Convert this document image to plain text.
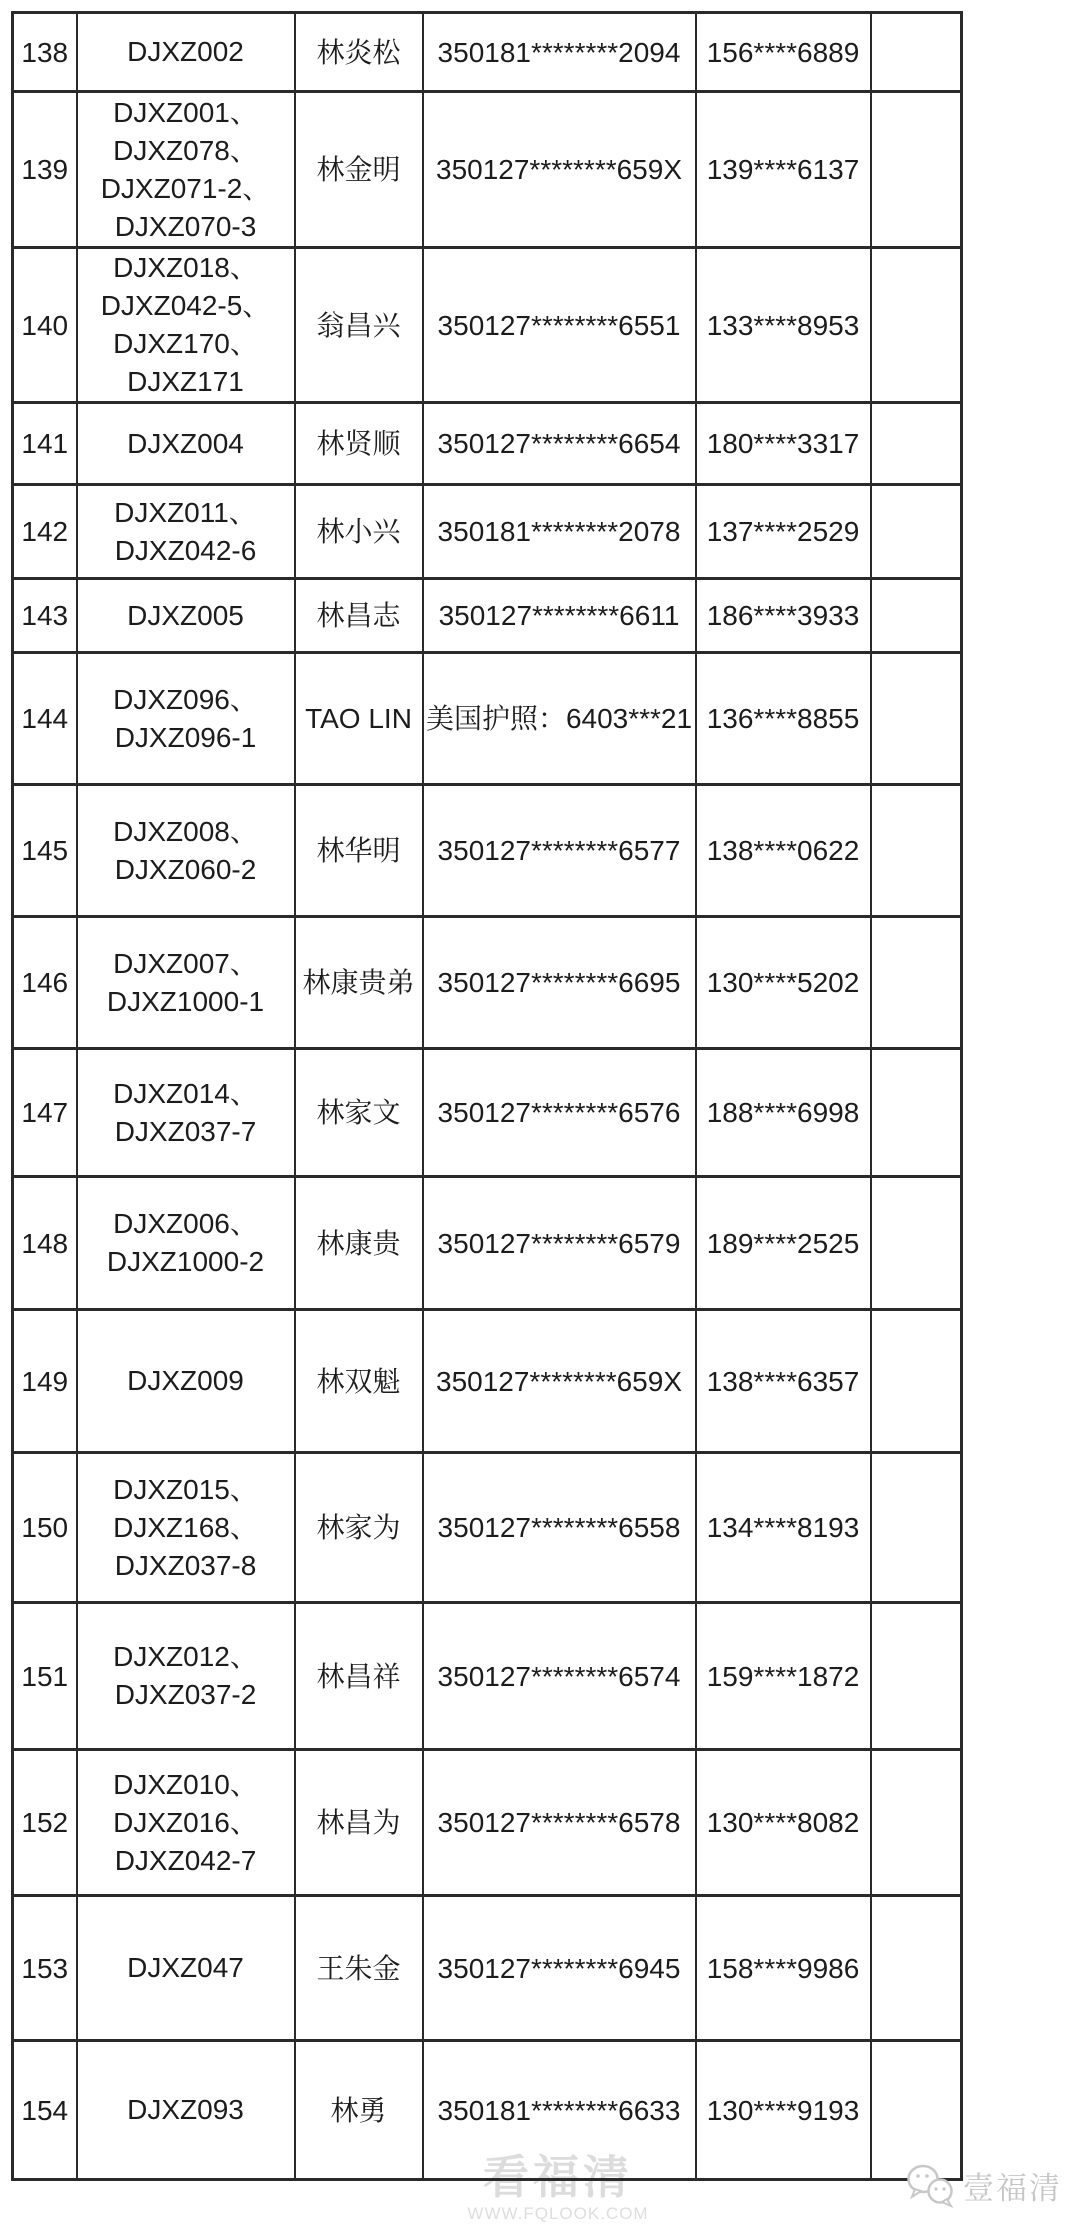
看福清
WWW.FQLOOK.COM
138	DJXZ002	林炎松	350181********2094	156****6889	
139	DJXZ001、
DJXZ078、
DJXZ071-2、
DJXZ070-3	林金明	350127********659X	139****6137	
140	DJXZ018、
DJXZ042-5、
DJXZ170、
DJXZ171	翁昌兴	350127********6551	133****8953	
141	DJXZ004	林贤顺	350127********6654	180****3317	
142	DJXZ011、
DJXZ042-6	林小兴	350181********2078	137****2529	
143	DJXZ005	林昌志	350127********6611	186****3933	
144	DJXZ096、
DJXZ096-1	TAO LIN	美国护照：6403***21	136****8855	
145	DJXZ008、
DJXZ060-2	林华明	350127********6577	138****0622	
146	DJXZ007、
DJXZ1000-1	林康贵弟	350127********6695	130****5202	
147	DJXZ014、
DJXZ037-7	林家文	350127********6576	188****6998	
148	DJXZ006、
DJXZ1000-2	林康贵	350127********6579	189****2525	
149	DJXZ009	林双魁	350127********659X	138****6357	
150	DJXZ015、
DJXZ168、
DJXZ037-8	林家为	350127********6558	134****8193	
151	DJXZ012、
DJXZ037-2	林昌祥	350127********6574	159****1872	
152	DJXZ010、
DJXZ016、
DJXZ042-7	林昌为	350127********6578	130****8082	
153	DJXZ047	王朱金	350127********6945	158****9986	
154	DJXZ093	林勇	350181********6633	130****9193	
壹福清
